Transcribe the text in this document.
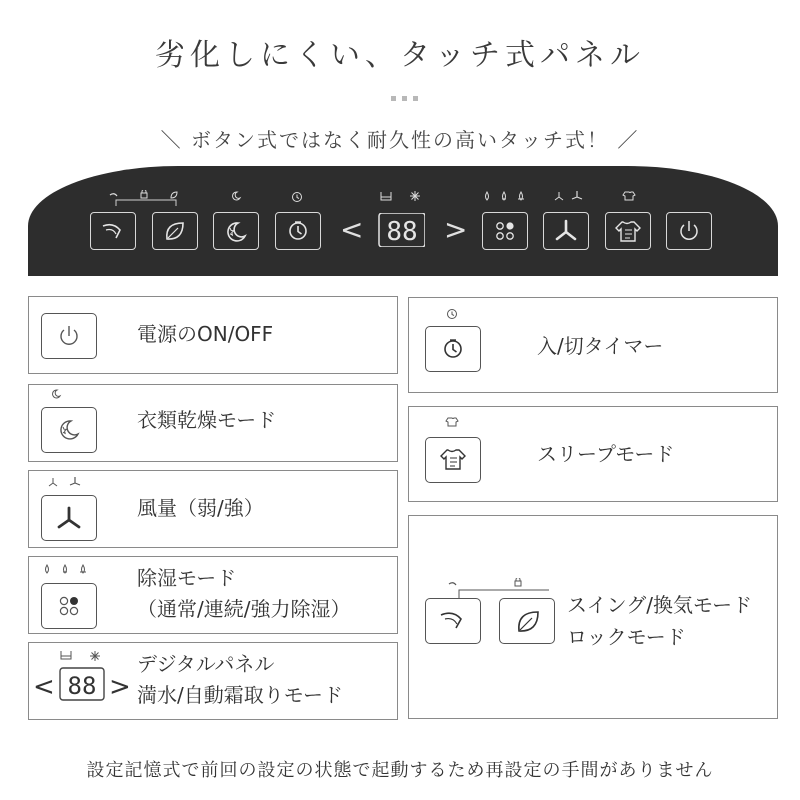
劣化しにくい、タッチ式パネル
＼ ボタン式ではなく耐久性の高いタッチ式！ ／
< 88 >
電源のON/OFF
衣類乾燥モード
風量（弱/強）
除湿モード
（通常/連続/強力除湿）
< 88 >
デジタルパネル
満水/自動霜取りモード
入/切タイマー
スリープモード
スイング/換気モード
ロックモード
設定記憶式で前回の設定の状態で起動するため再設定の手間がありません
